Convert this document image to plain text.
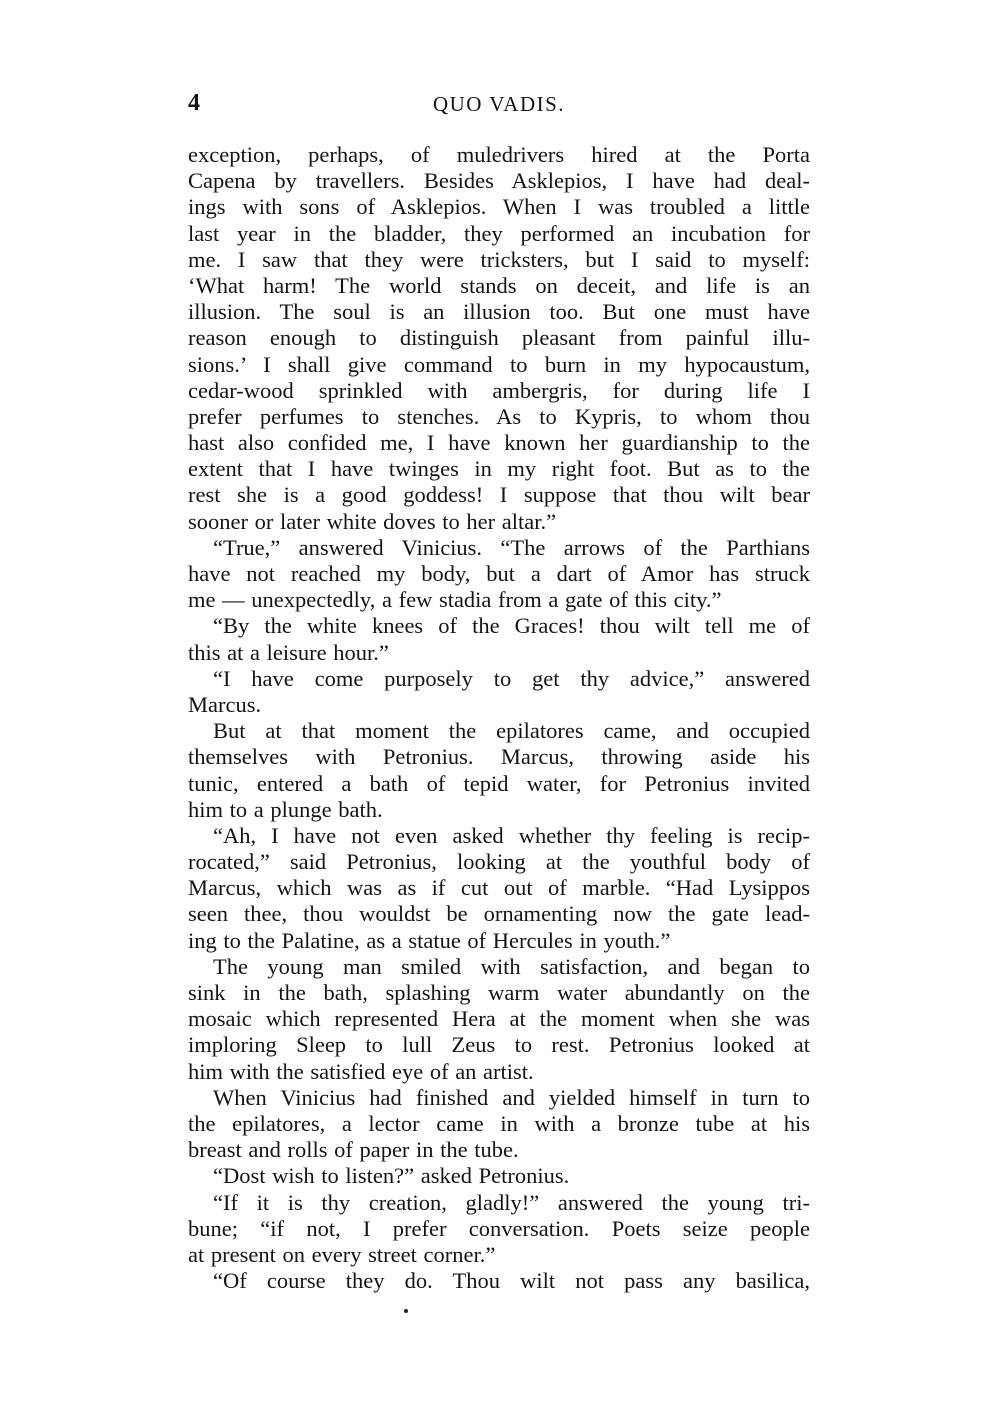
4	QUO VADIS.
exception, perhaps, of muledrivers hired at the Porta
Capena by travellers. Besides Asklepios, I have had deal-
ings with sons of Asklepios. When I was troubled a little
last year in the bladder, they performed an incubation for
me. I saw that they were tricksters, but I said to myself:
‘What harm! The world stands on deceit, and life is an
illusion. The soul is an illusion too. But one must have
reason enough to distinguish pleasant from painful illu-
sions.’ I shall give command to burn in my hypocaustum,
cedar-wood sprinkled with ambergris, for during life I
prefer perfumes to stenches. As to Kypris, to whom thou
hast also confided me, I have known her guardianship to the
extent that I have twinges in my right foot. But as to the
rest she is a good goddess! I suppose that thou wilt bear
sooner or later white doves to her altar.”
“True,” answered Vinicius. “The arrows of the Parthians
have not reached my body, but a dart of Amor has struck
me — unexpectedly, a few stadia from a gate of this city.”
“By the white knees of the Graces! thou wilt tell me of
this at a leisure hour.”
“I have come purposely to get thy advice,” answered
Marcus.
But at that moment the epilatores came, and occupied
themselves with Petronius. Marcus, throwing aside his
tunic, entered a bath of tepid water, for Petronius invited
him to a plunge bath.
“Ah, I have not even asked whether thy feeling is recip-
rocated,” said Petronius, looking at the youthful body of
Marcus, which was as if cut out of marble. “Had Lysippos
seen thee, thou wouldst be ornamenting now the gate lead-
ing to the Palatine, as a statue of Hercules in youth.”
The young man smiled with satisfaction, and began to
sink in the bath, splashing warm water abundantly on the
mosaic which represented Hera at the moment when she was
imploring Sleep to lull Zeus to rest. Petronius looked at
him with the satisfied eye of an artist.
When Vinicius had finished and yielded himself in turn to
the epilatores, a lector came in with a bronze tube at his
breast and rolls of paper in the tube.
“Dost wish to listen?” asked Petronius.
“If it is thy creation, gladly!” answered the young tri-
bune; “if not, I prefer conversation. Poets seize people
at present on every street corner.”
“Of course they do. Thou wilt not pass any basilica,
